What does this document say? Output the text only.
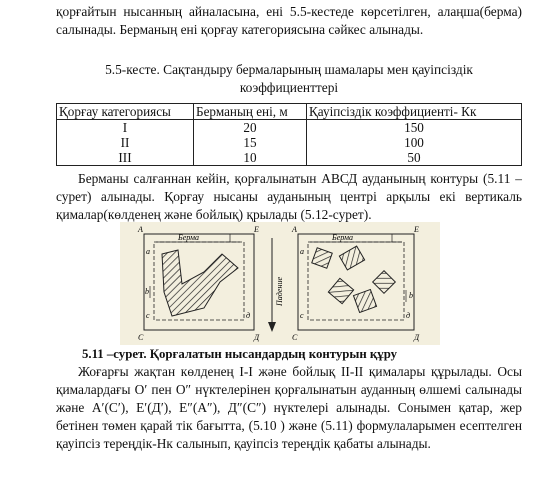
қорғайтын нысанның айналасына, ені 5.5-кестеде көрсетілген, алаңша(берма) салынады. Берманың ені қорғау категориясына сәйкес алынады.

5.5-кесте. Сақтандыру бермаларының шамалары мен қауіпсіздік
коэффициенттері
Қорғау категориясы	Берманың ені, м	Қауіпсіздік коэффициенті- Кк
І	20	150
ІІ	15	100
ІІІ	10	50

Берманы салғаннан кейін, қорғалынатын АВСД ауданының контуры (5.11 – сурет) алынады. Қорғау нысаны ауданының центрі арқылы екі вертикаль қималар(көлденең және бойлық) қрылады (5.12-сурет).

Берма
A	E
a
b
c	д
C	Д
Падение
Берма
A	E
a
b
c	д
C	Д

5.11 –сурет. Қорғалатын нысандардың контурын құру

Жоғарғы жақтан көлденең І-І және бойлық ІІ-ІІ қималары құрылады. Осы қималардағы О′ пен О″ нүктелерінен қорғалынатын ауданның өлшемі салынады және А′(С′), Е′(Д′), Е″(А″), Д″(С″) нүктелері алынады. Сонымен қатар, жер бетінен төмен қарай тік бағытта, (5.10 ) және (5.11) формулаларымен есептелген қауіпсіз тереңдік-Нк салынып, қауіпсіз тереңдік қабаты алынады.
